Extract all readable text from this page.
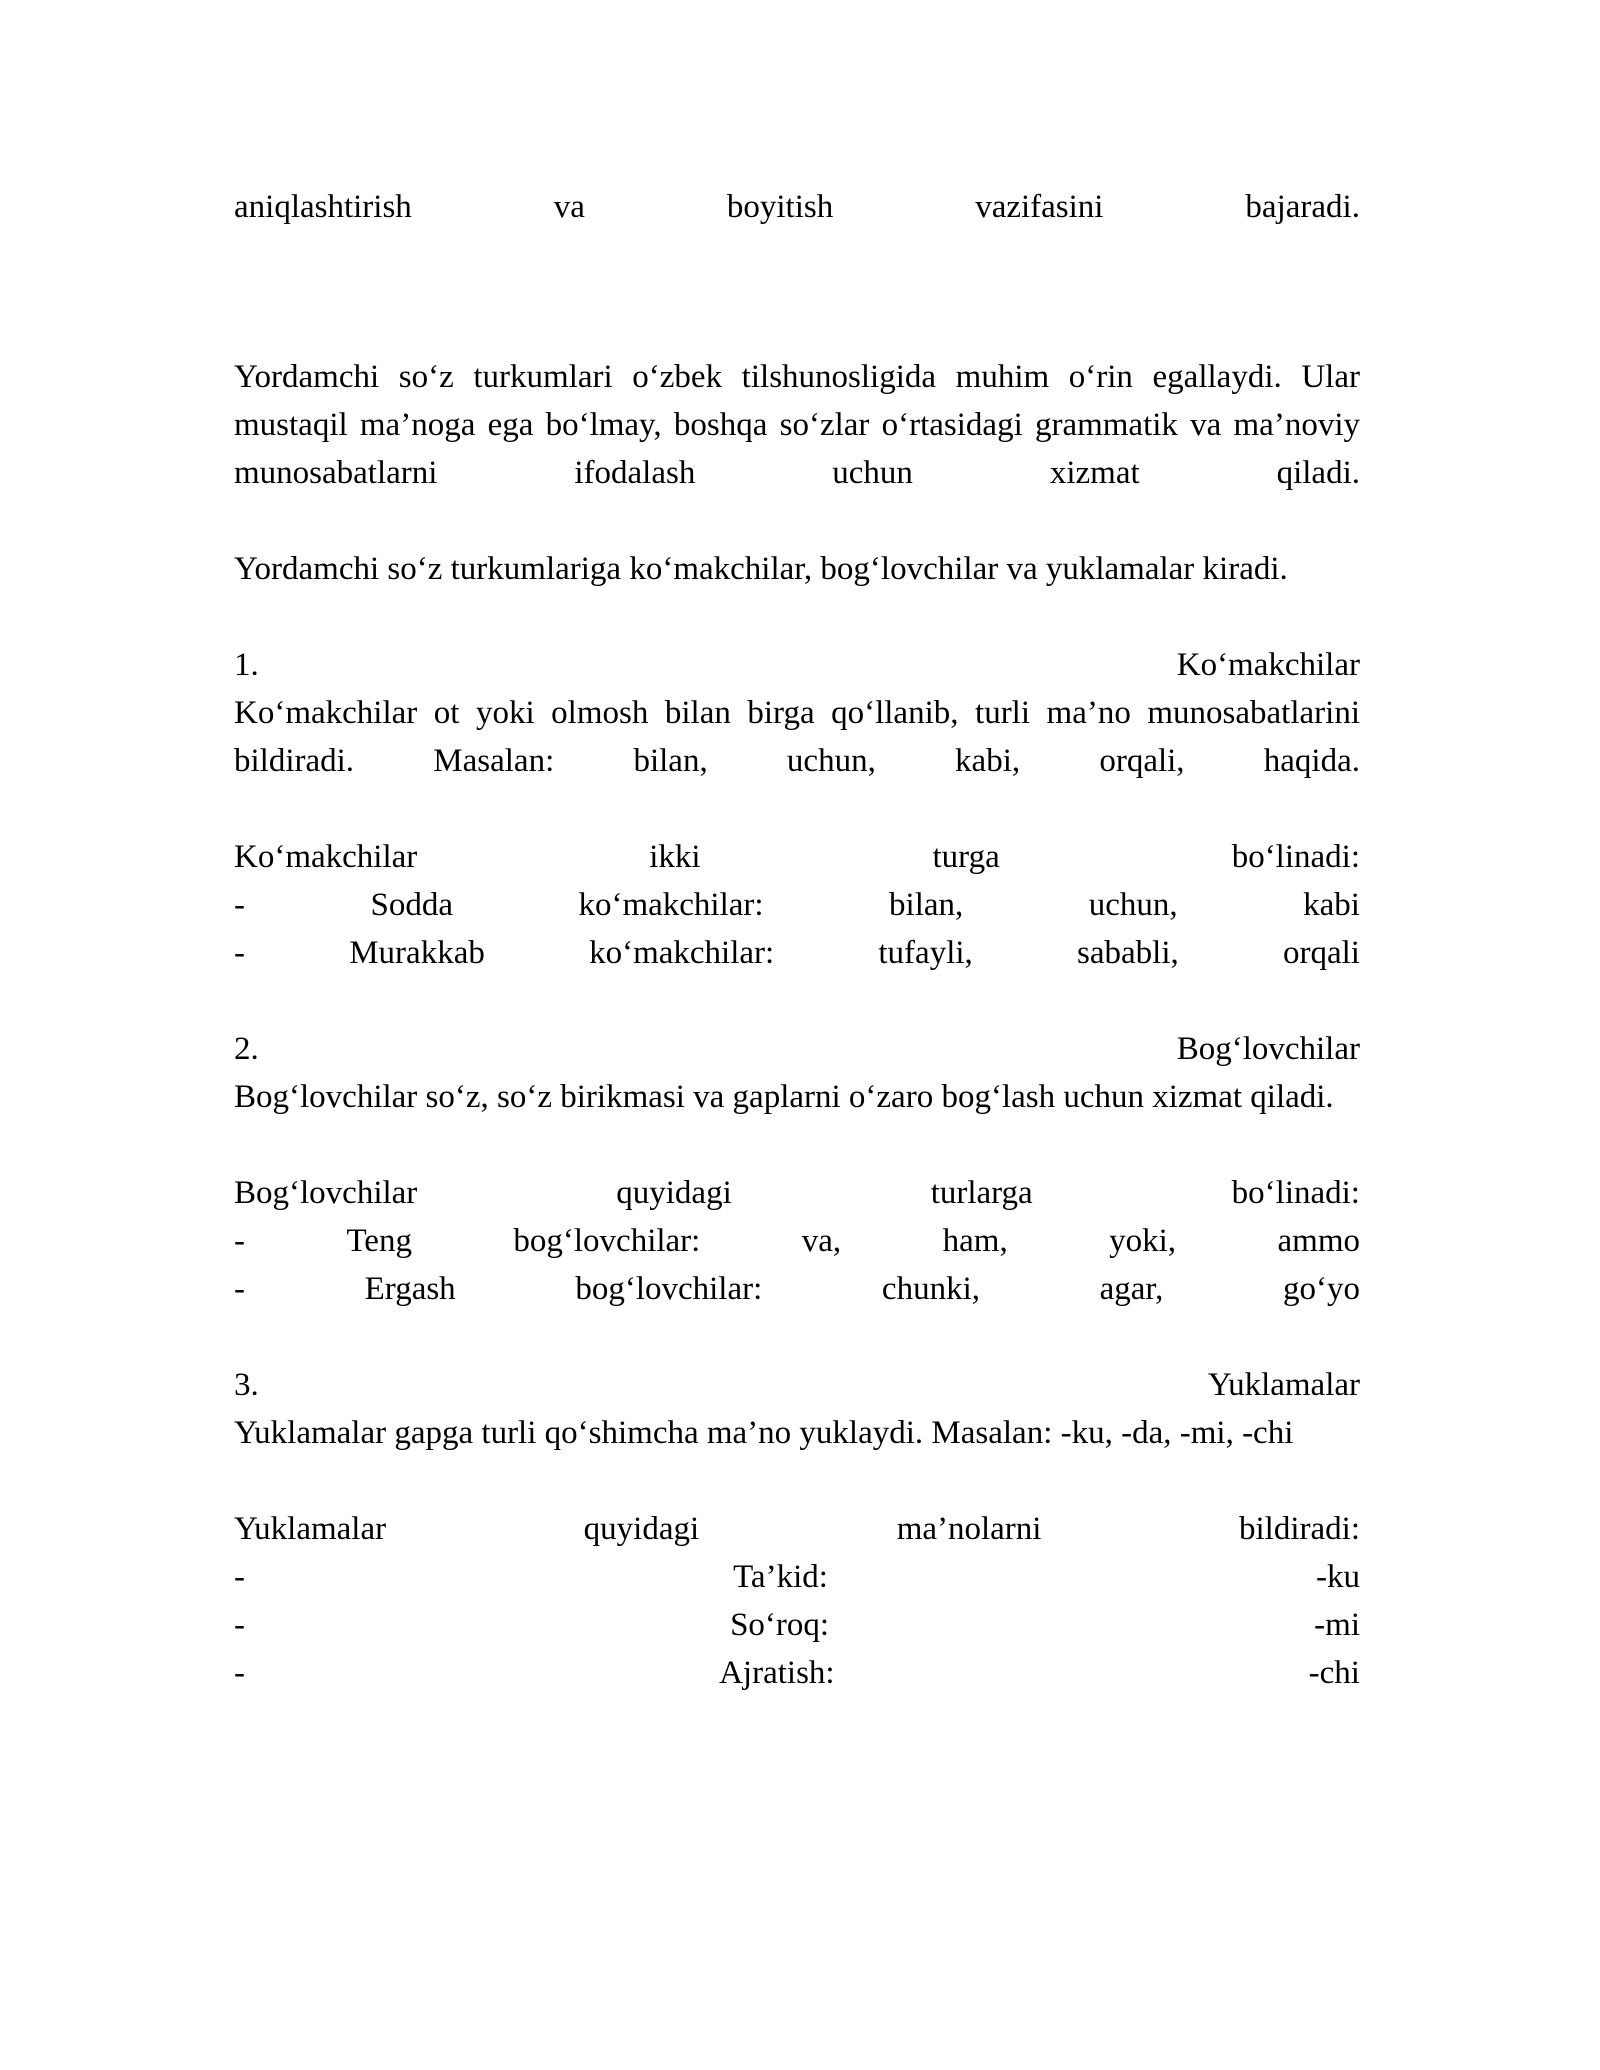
aniqlashtirish	va	boyitish	vazifasini	bajaradi.

Yordamchi so‘z turkumlari o‘zbek tilshunosligida muhim o‘rin egallaydi. Ular mustaqil ma’noga ega bo‘lmay, boshqa so‘zlar o‘rtasidagi grammatik va ma’noviy munosabatlarni ifodalash uchun xizmat qiladi.

Yordamchi so‘z turkumlariga ko‘makchilar, bog‘lovchilar va yuklamalar kiradi.

1.	Ko‘makchilar

Ko‘makchilar ot yoki olmosh bilan birga qo‘llanib, turli ma’no munosabatlarini bildiradi. Masalan: bilan, uchun, kabi, orqali, haqida.

Ko‘makchilar	ikki	turga	bo‘linadi:
-	Sodda	ko‘makchilar:	bilan,	uchun,	kabi
-	Murakkab	ko‘makchilar:	tufayli,	sababli,	orqali
2.	Bog‘lovchilar

Bog‘lovchilar so‘z, so‘z birikmasi va gaplarni o‘zaro bog‘lash uchun xizmat qiladi.

Bog‘lovchilar	quyidagi	turlarga	bo‘linadi:
-	Teng	bog‘lovchilar:	va,	ham,	yoki,	ammo
-	Ergash	bog‘lovchilar:	chunki,	agar,	go‘yo
3.	Yuklamalar

Yuklamalar gapga turli qo‘shimcha ma’no yuklaydi. Masalan: -ku, -da, -mi, -chi

Yuklamalar	quyidagi	ma’nolarni	bildiradi:
-	Ta’kid:	-ku
-	So‘roq:	-mi
-	Ajratish:	-chi
